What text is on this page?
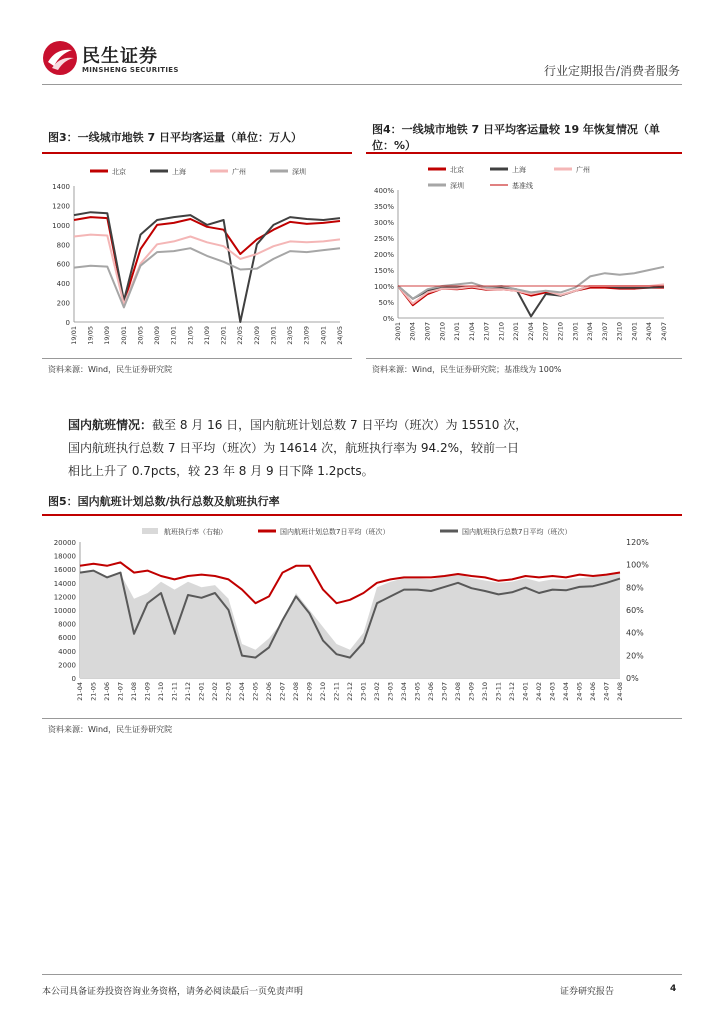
民生证券
MINSHENG SECURITIES	行业定期报告/消费者服务
图3：一线城市地铁 7 日平均客运量（单位：万人）
0
200
400
600
800
1000
1200
1400
19/01 19/05 19/09 20/01 20/05 20/09 21/01 21/05 21/09 22/01 22/05 22/09 23/01 23/05 23/09 24/01 24/05
北京	上海	广州	深圳
资料来源：Wind，民生证券研究院
图4：一线城市地铁 7 日平均客运量较 19 年恢复情况（单位：%）
0%
50%
100%
150%
200%
250%
300%
350%
400%
20/01 20/04 20/07 20/10 21/01 21/04 21/07 21/10 22/01 22/04 22/07 22/10 23/01 23/04 23/07 23/10 24/01 24/04 24/07
北京	上海	广州
深圳	基准线
资料来源：Wind，民生证券研究院；基准线为 100%
国内航班情况：截至 8 月 16 日，国内航班计划总数 7 日平均（班次）为 15510 次，国内航班执行总数 7 日平均（班次）为 14614 次，航班执行率为 94.2%，较前一日相比上升了 0.7pcts，较 23 年 8 月 9 日下降 1.2pcts。
图5：国内航班计划总数/执行总数及航班执行率
0
2000
4000
6000
8000
10000
12000
14000
16000
18000
20000
0%
20%
40%
60%
80%
100%
120%
21-04 21-05 21-06 21-07 21-08 21-09 21-10 21-11 21-12 22-01 22-02 22-03 22-04 22-05 22-06 22-07 22-08 22-09 22-10 22-11 22-12 23-01 23-02 23-03 23-04 23-05 23-06 23-07 23-08 23-09 23-10 23-11 23-12 24-01 24-02 24-03 24-04 24-05 24-06 24-07 24-08
航班执行率（右轴）	国内航班计划总数7日平均（班次）	国内航班执行总数7日平均（班次）
资料来源：Wind，民生证券研究院
本公司具备证券投资咨询业务资格，请务必阅读最后一页免责声明	证券研究报告	4
